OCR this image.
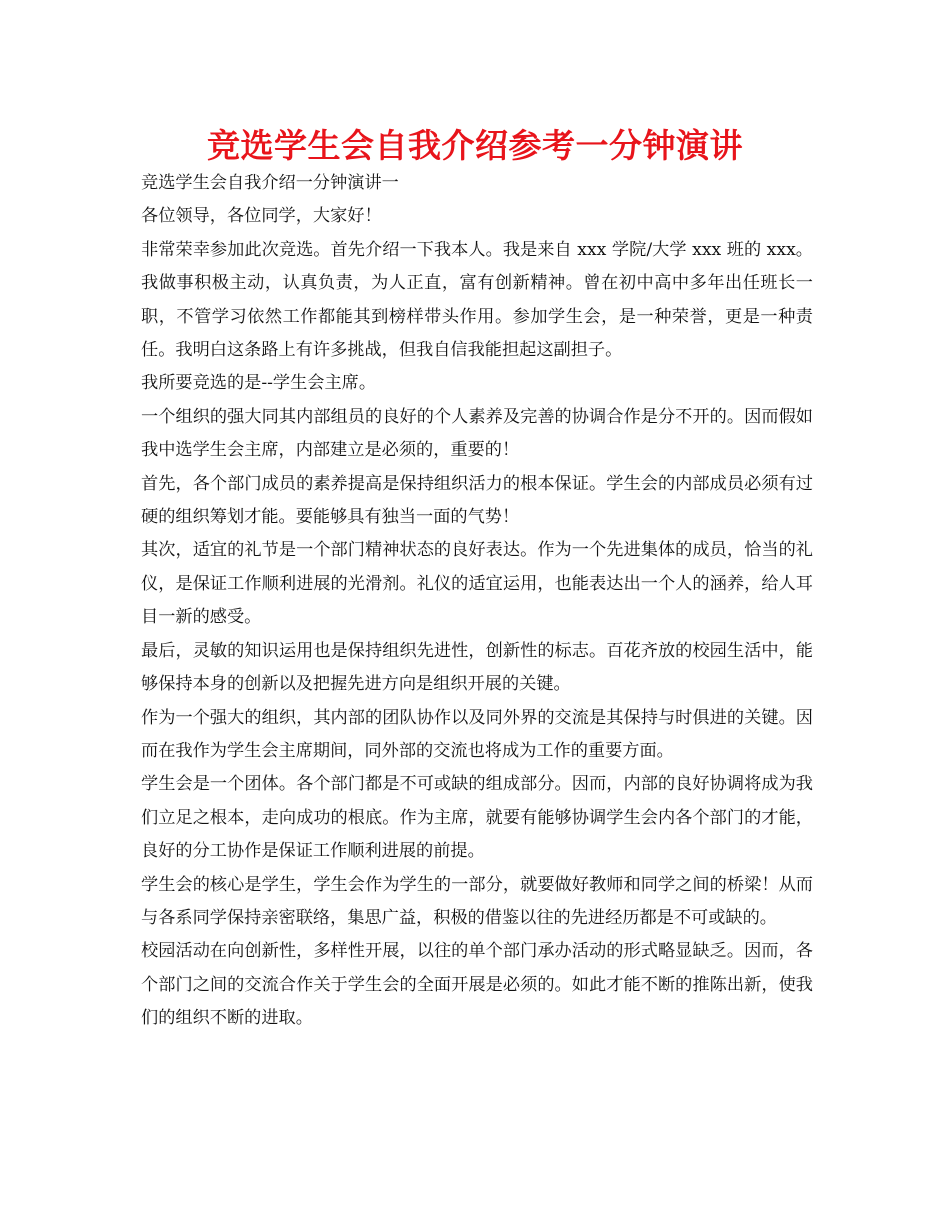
竞选学生会自我介绍参考一分钟演讲

竞选学生会自我介绍一分钟演讲一

各位领导，各位同学，大家好！

非常荣幸参加此次竞选。首先介绍一下我本人。我是来自 xxx 学院/大学 xxx 班的 xxx。我做事积极主动，认真负责，为人正直，富有创新精神。曾在初中高中多年出任班长一职，不管学习依然工作都能其到榜样带头作用。参加学生会，是一种荣誉，更是一种责任。我明白这条路上有许多挑战，但我自信我能担起这副担子。

我所要竞选的是--学生会主席。

一个组织的强大同其内部组员的良好的个人素养及完善的协调合作是分不开的。因而假如我中选学生会主席，内部建立是必须的，重要的！

首先，各个部门成员的素养提高是保持组织活力的根本保证。学生会的内部成员必须有过硬的组织筹划才能。要能够具有独当一面的气势！

其次，适宜的礼节是一个部门精神状态的良好表达。作为一个先进集体的成员，恰当的礼仪，是保证工作顺利进展的光滑剂。礼仪的适宜运用，也能表达出一个人的涵养，给人耳目一新的感受。

最后，灵敏的知识运用也是保持组织先进性，创新性的标志。百花齐放的校园生活中，能够保持本身的创新以及把握先进方向是组织开展的关键。

作为一个强大的组织，其内部的团队协作以及同外界的交流是其保持与时俱进的关键。因而在我作为学生会主席期间，同外部的交流也将成为工作的重要方面。

学生会是一个团体。各个部门都是不可或缺的组成部分。因而，内部的良好协调将成为我们立足之根本，走向成功的根底。作为主席，就要有能够协调学生会内各个部门的才能，良好的分工协作是保证工作顺利进展的前提。

学生会的核心是学生，学生会作为学生的一部分，就要做好教师和同学之间的桥梁！从而与各系同学保持亲密联络，集思广益，积极的借鉴以往的先进经历都是不可或缺的。

校园活动在向创新性，多样性开展，以往的单个部门承办活动的形式略显缺乏。因而，各个部门之间的交流合作关于学生会的全面开展是必须的。如此才能不断的推陈出新，使我们的组织不断的进取。
